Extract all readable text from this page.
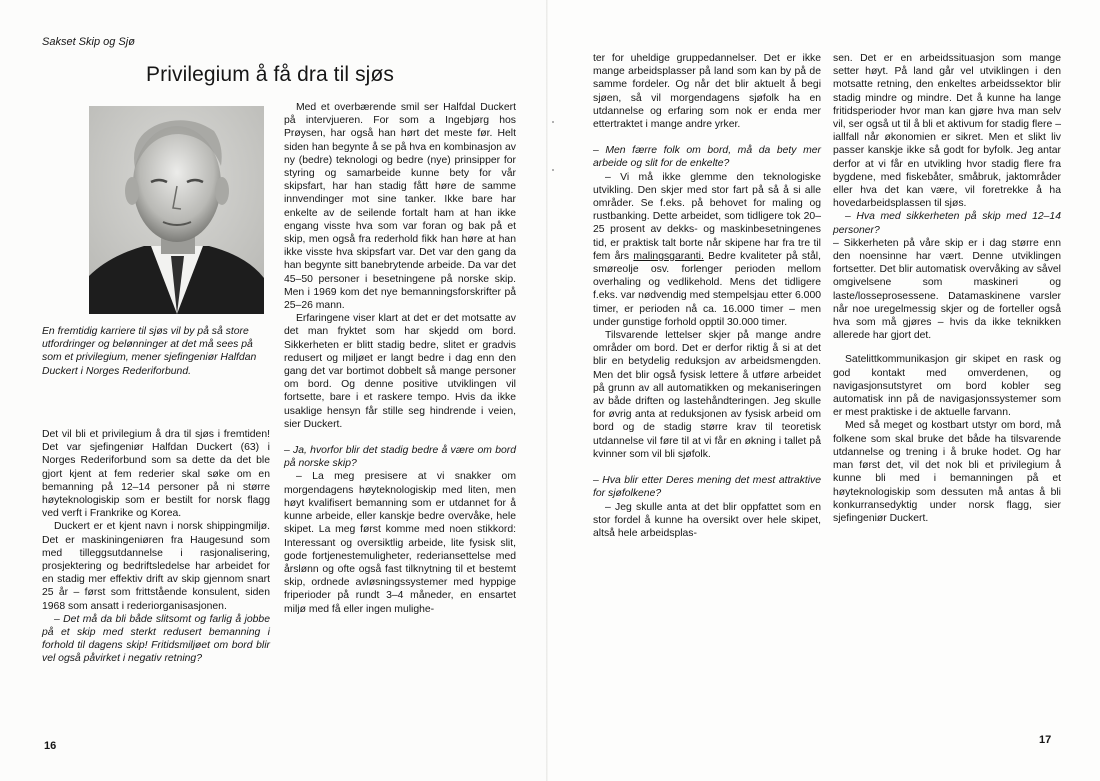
Sakset Skip og Sjø
Privilegium å få dra til sjøs

En fremtidig karriere til sjøs vil by på så store utfordringer og belønninger at det må sees på som et privilegium, mener sjefingeniør Halfdan Duckert i Norges Rederiforbund.

Det vil bli et privilegium å dra til sjøs i fremtiden! Det var sjefingeniør Halfdan Duckert (63) i Norges Rederiforbund som sa dette da det ble gjort kjent at fem rederier skal søke om en bemanning på 12–14 personer på ni større høyteknologiskip som er bestilt for norsk flagg ved verft i Frankrike og Korea.

Duckert er et kjent navn i norsk shippingmiljø. Det er maskiningeniøren fra Haugesund som med tilleggsutdannelse i rasjonalisering, prosjektering og bedriftsledelse har arbeidet for en stadig mer effektiv drift av skip gjennom snart 25 år – først som frittstående konsulent, siden 1968 som ansatt i rederiorganisasjonen.

– Det må da bli både slitsomt og farlig å jobbe på et skip med sterkt redusert bemanning i forhold til dagens skip! Fritidsmiljøet om bord blir vel også påvirket i negativ retning?

Med et overbærende smil ser Halfdal Duckert på intervjueren. For som a Ingebjørg hos Prøysen, har også han hørt det meste før. Helt siden han begynte å se på hva en kombinasjon av ny (bedre) teknologi og bedre (nye) prinsipper for styring og samarbeide kunne bety for vår skipsfart, har han stadig fått høre de samme innvendinger mot sine tanker. Ikke bare har enkelte av de seilende fortalt ham at han ikke engang visste hva som var foran og bak på et skip, men også fra rederhold fikk han høre at han ikke visste hva skipsfart var. Det var den gang da han begynte sitt banebrytende arbeide. Da var det 45–50 personer i besetningene på norske skip. Men i 1969 kom det nye bemanningsforskrifter på 25–26 mann.

Erfaringene viser klart at det er det motsatte av det man fryktet som har skjedd om bord. Sikkerheten er blitt stadig bedre, slitet er gradvis redusert og miljøet er langt bedre i dag enn den gang det var bortimot dobbelt så mange personer om bord. Og denne positive utviklingen vil fortsette, bare i et raskere tempo. Hvis da ikke usaklige hensyn får stille seg hindrende i veien, sier Duckert.

– Ja, hvorfor blir det stadig bedre å være om bord på norske skip?

– La meg presisere at vi snakker om morgendagens høyteknologiskip med liten, men høyt kvalifisert bemanning som er utdannet for å kunne arbeide, eller kanskje bedre overvåke, hele skipet. La meg først komme med noen stikkord: Interessant og oversiktlig arbeide, lite fysisk slit, gode fortjenestemuligheter, rederiansettelse med årslønn og ofte også fast tilknytning til et bestemt skip, ordnede avløsningssystemer med hyppige friperioder på rundt 3–4 måneder, en ensartet miljø med få eller ingen mulighe-

16

ter for uheldige gruppedannelser. Det er ikke mange arbeidsplasser på land som kan by på de samme fordeler. Og når det blir aktuelt å begi sjøen, så vil morgendagens sjøfolk ha en utdannelse og erfaring som nok er enda mer ettertraktet i mange andre yrker.

– Men færre folk om bord, må da bety mer arbeide og slit for de enkelte?

– Vi må ikke glemme den teknologiske utvikling. Den skjer med stor fart på så å si alle områder. Se f.eks. på behovet for maling og rustbanking. Dette arbeidet, som tidligere tok 20–25 prosent av dekks- og maskinbesetningenes tid, er praktisk talt borte når skipene har fra tre til fem års malingsgaranti. Bedre kvaliteter på stål, smøreolje osv. forlenger perioden mellom overhaling og vedlikehold. Mens det tidligere f.eks. var nødvendig med stempelsjau etter 6.000 timer, er perioden nå ca. 16.000 timer – men under gunstige forhold opptil 30.000 timer.

Tilsvarende lettelser skjer på mange andre områder om bord. Det er derfor riktig å si at det blir en betydelig reduksjon av arbeidsmengden. Men det blir også fysisk lettere å utføre arbeidet på grunn av all automatikken og mekaniseringen av både driften og lastehåndteringen. Jeg skulle for øvrig anta at reduksjonen av fysisk arbeid om bord og de stadig større krav til teoretisk utdannelse vil føre til at vi får en økning i tallet på kvinner som vil bli sjøfolk.

– Hva blir etter Deres mening det mest attraktive for sjøfolkene?

– Jeg skulle anta at det blir oppfattet som en stor fordel å kunne ha oversikt over hele skipet, altså hele arbeidsplas-

sen. Det er en arbeidssituasjon som mange setter høyt. På land går vel utviklingen i den motsatte retning, den enkeltes arbeidssektor blir stadig mindre og mindre. Det å kunne ha lange fritidsperioder hvor man kan gjøre hva man selv vil, ser også ut til å bli et aktivum for stadig flere – iallfall når økonomien er sikret. Men et slikt liv passer kanskje ikke så godt for byfolk. Jeg antar derfor at vi får en utvikling hvor stadig flere fra bygdene, med fiskebåter, småbruk, jaktområder eller hva det kan være, vil foretrekke å ha hovedarbeidsplassen til sjøs.

– Hva med sikkerheten på skip med 12–14 personer?

– Sikkerheten på våre skip er i dag større enn den noensinne har vært. Denne utviklingen fortsetter. Det blir automatisk overvåking av såvel omgivelsene som maskineri og laste/losseprosessene. Datamaskinene varsler når noe uregelmessig skjer og de forteller også hva som må gjøres – hvis da ikke teknikken allerede har gjort det.

Satelittkommunikasjon gir skipet en rask og god kontakt med omverdenen, og navigasjonsutstyret om bord kobler seg automatisk inn på de navigasjonssystemer som er mest praktiske i de aktuelle farvann.

Med så meget og kostbart utstyr om bord, må folkene som skal bruke det både ha tilsvarende utdannelse og trening i å bruke hodet. Og har man først det, vil det nok bli et privilegium å kunne bli med i bemanningen på et høyteknologiskip som dessuten må antas å bli konkurransedyktig under norsk flagg, sier sjefingeniør Duckert.

17
